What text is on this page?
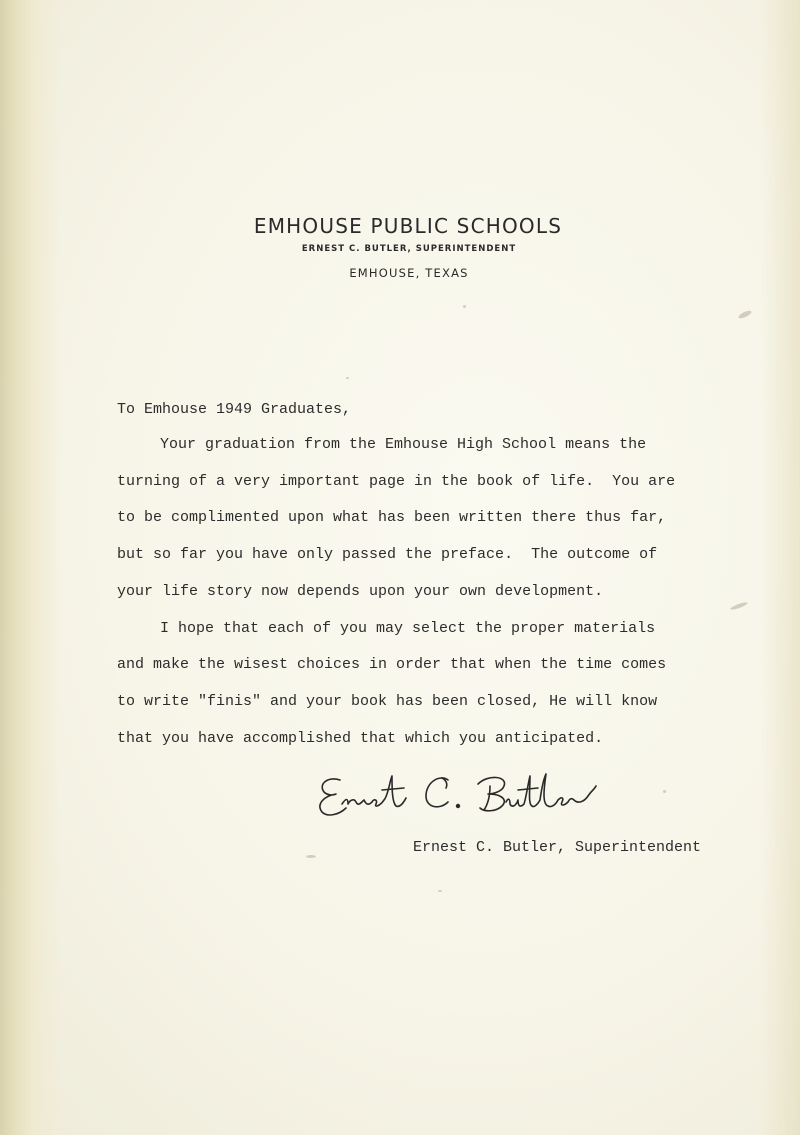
EMHOUSE PUBLIC SCHOOLS
ERNEST C. BUTLER, SUPERINTENDENT
EMHOUSE, TEXAS
To Emhouse 1949 Graduates,
Your graduation from the Emhouse High School means the
turning of a very important page in the book of life.  You are
to be complimented upon what has been written there thus far,
but so far you have only passed the preface.  The outcome of
your life story now depends upon your own development.
I hope that each of you may select the proper materials
and make the wisest choices in order that when the time comes
to write "finis" and your book has been closed, He will know
that you have accomplished that which you anticipated.
Ernest C. Butler, Superintendent
